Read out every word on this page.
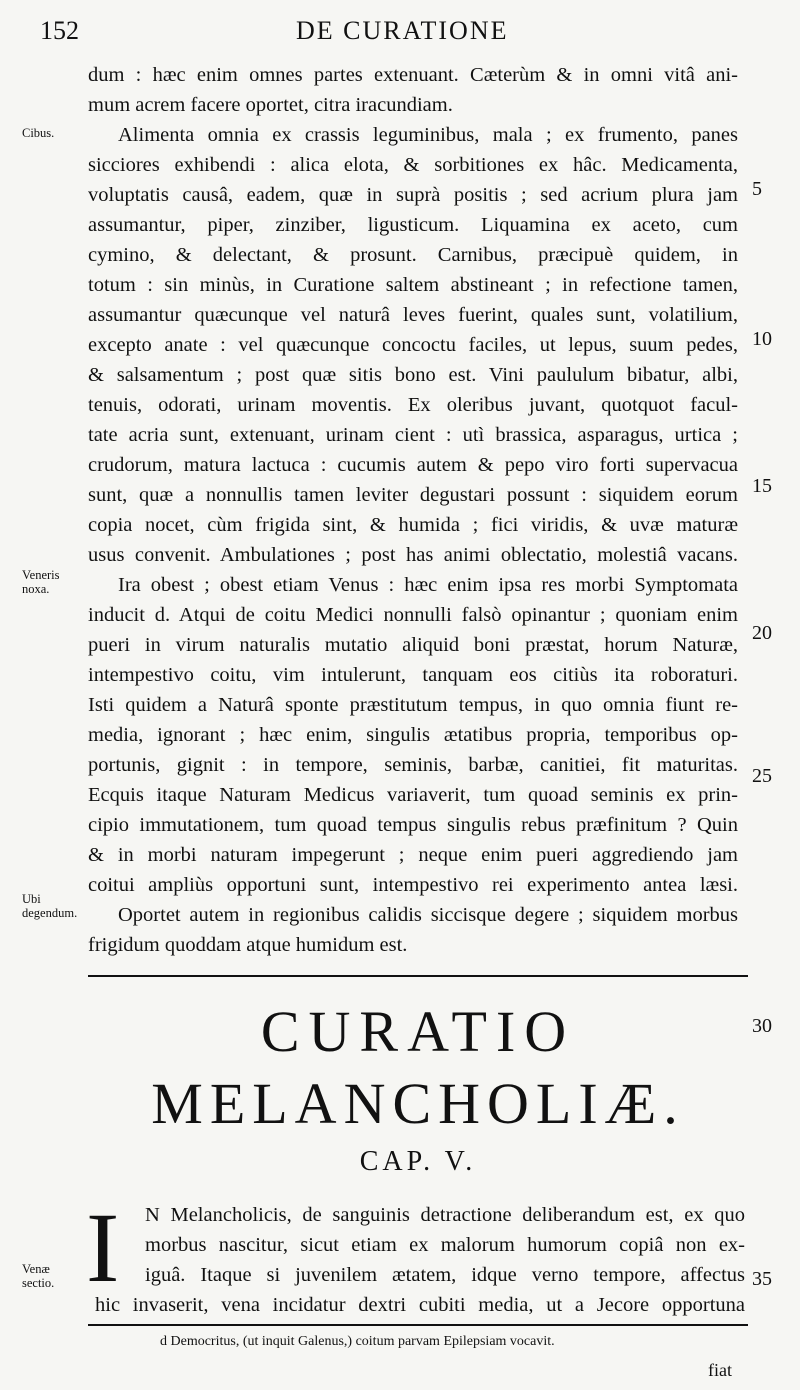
152	DE CURATIONE
dum : hæc enim omnes partes extenuant. Cæterùm & in omni vitâ ani-
mum acrem facere oportet, citra iracundiam.
Alimenta omnia ex crassis leguminibus, mala ; ex frumento, panes
sicciores exhibendi : alica elota, & sorbitiones ex hâc. Medicamenta,
voluptatis causâ, eadem, quæ in suprà positis ; sed acrium plura jam
assumantur, piper, zinziber, ligusticum. Liquamina ex aceto, cum
cymino, & delectant, & prosunt. Carnibus, præcipuè quidem, in
totum : sin minùs, in Curatione saltem abstineant ; in refectione tamen,
assumantur quæcunque vel naturâ leves fuerint, quales sunt, volatilium,
excepto anate : vel quæcunque concoctu faciles, ut lepus, suum pedes,
& salsamentum ; post quæ sitis bono est. Vini paululum bibatur, albi,
tenuis, odorati, urinam moventis. Ex oleribus juvant, quotquot facul-
tate acria sunt, extenuant, urinam cient : utì brassica, asparagus, urtica ;
crudorum, matura lactuca : cucumis autem & pepo viro forti supervacua
sunt, quæ a nonnullis tamen leviter degustari possunt : siquidem eorum
copia nocet, cùm frigida sint, & humida ; fici viridis, & uvæ maturæ
usus convenit. Ambulationes ; post has animi oblectatio, molestiâ vacans.
Ira obest ; obest etiam Venus : hæc enim ipsa res morbi Symptomata
inducit d. Atqui de coitu Medici nonnulli falsò opinantur ; quoniam enim
pueri in virum naturalis mutatio aliquid boni præstat, horum Naturæ,
intempestivo coitu, vim intulerunt, tanquam eos citiùs ita roboraturi.
Isti quidem a Naturâ sponte præstitutum tempus, in quo omnia fiunt re-
media, ignorant ; hæc enim, singulis ætatibus propria, temporibus op-
portunis, gignit : in tempore, seminis, barbæ, canitiei, fit maturitas.
Ecquis itaque Naturam Medicus variaverit, tum quoad seminis ex prin-
cipio immutationem, tum quoad tempus singulis rebus præfinitum ? Quin
& in morbi naturam impegerunt ; neque enim pueri aggrediendo jam
coitui ampliùs opportuni sunt, intempestivo rei experimento antea læsi.
Oportet autem in regionibus calidis siccisque degere ; siquidem morbus
frigidum quoddam atque humidum est.
Cibus.
Veneris noxa.
Ubi degendum.
Venæ sectio.
5
10
15
20
25
30
35
CURATIO
MELANCHOLIÆ.
CAP. V.
I N Melancholicis, de sanguinis detractione deliberandum est, ex quo
morbus nascitur, sicut etiam ex malorum humorum copiâ non ex-
iguâ. Itaque si juvenilem ætatem, idque verno tempore, affectus
hic invaserit, vena incidatur dextri cubiti media, ut a Jecore opportuna
d Democritus, (ut inquit Galenus,) coitum parvam Epilepsiam vocavit.
fiat
